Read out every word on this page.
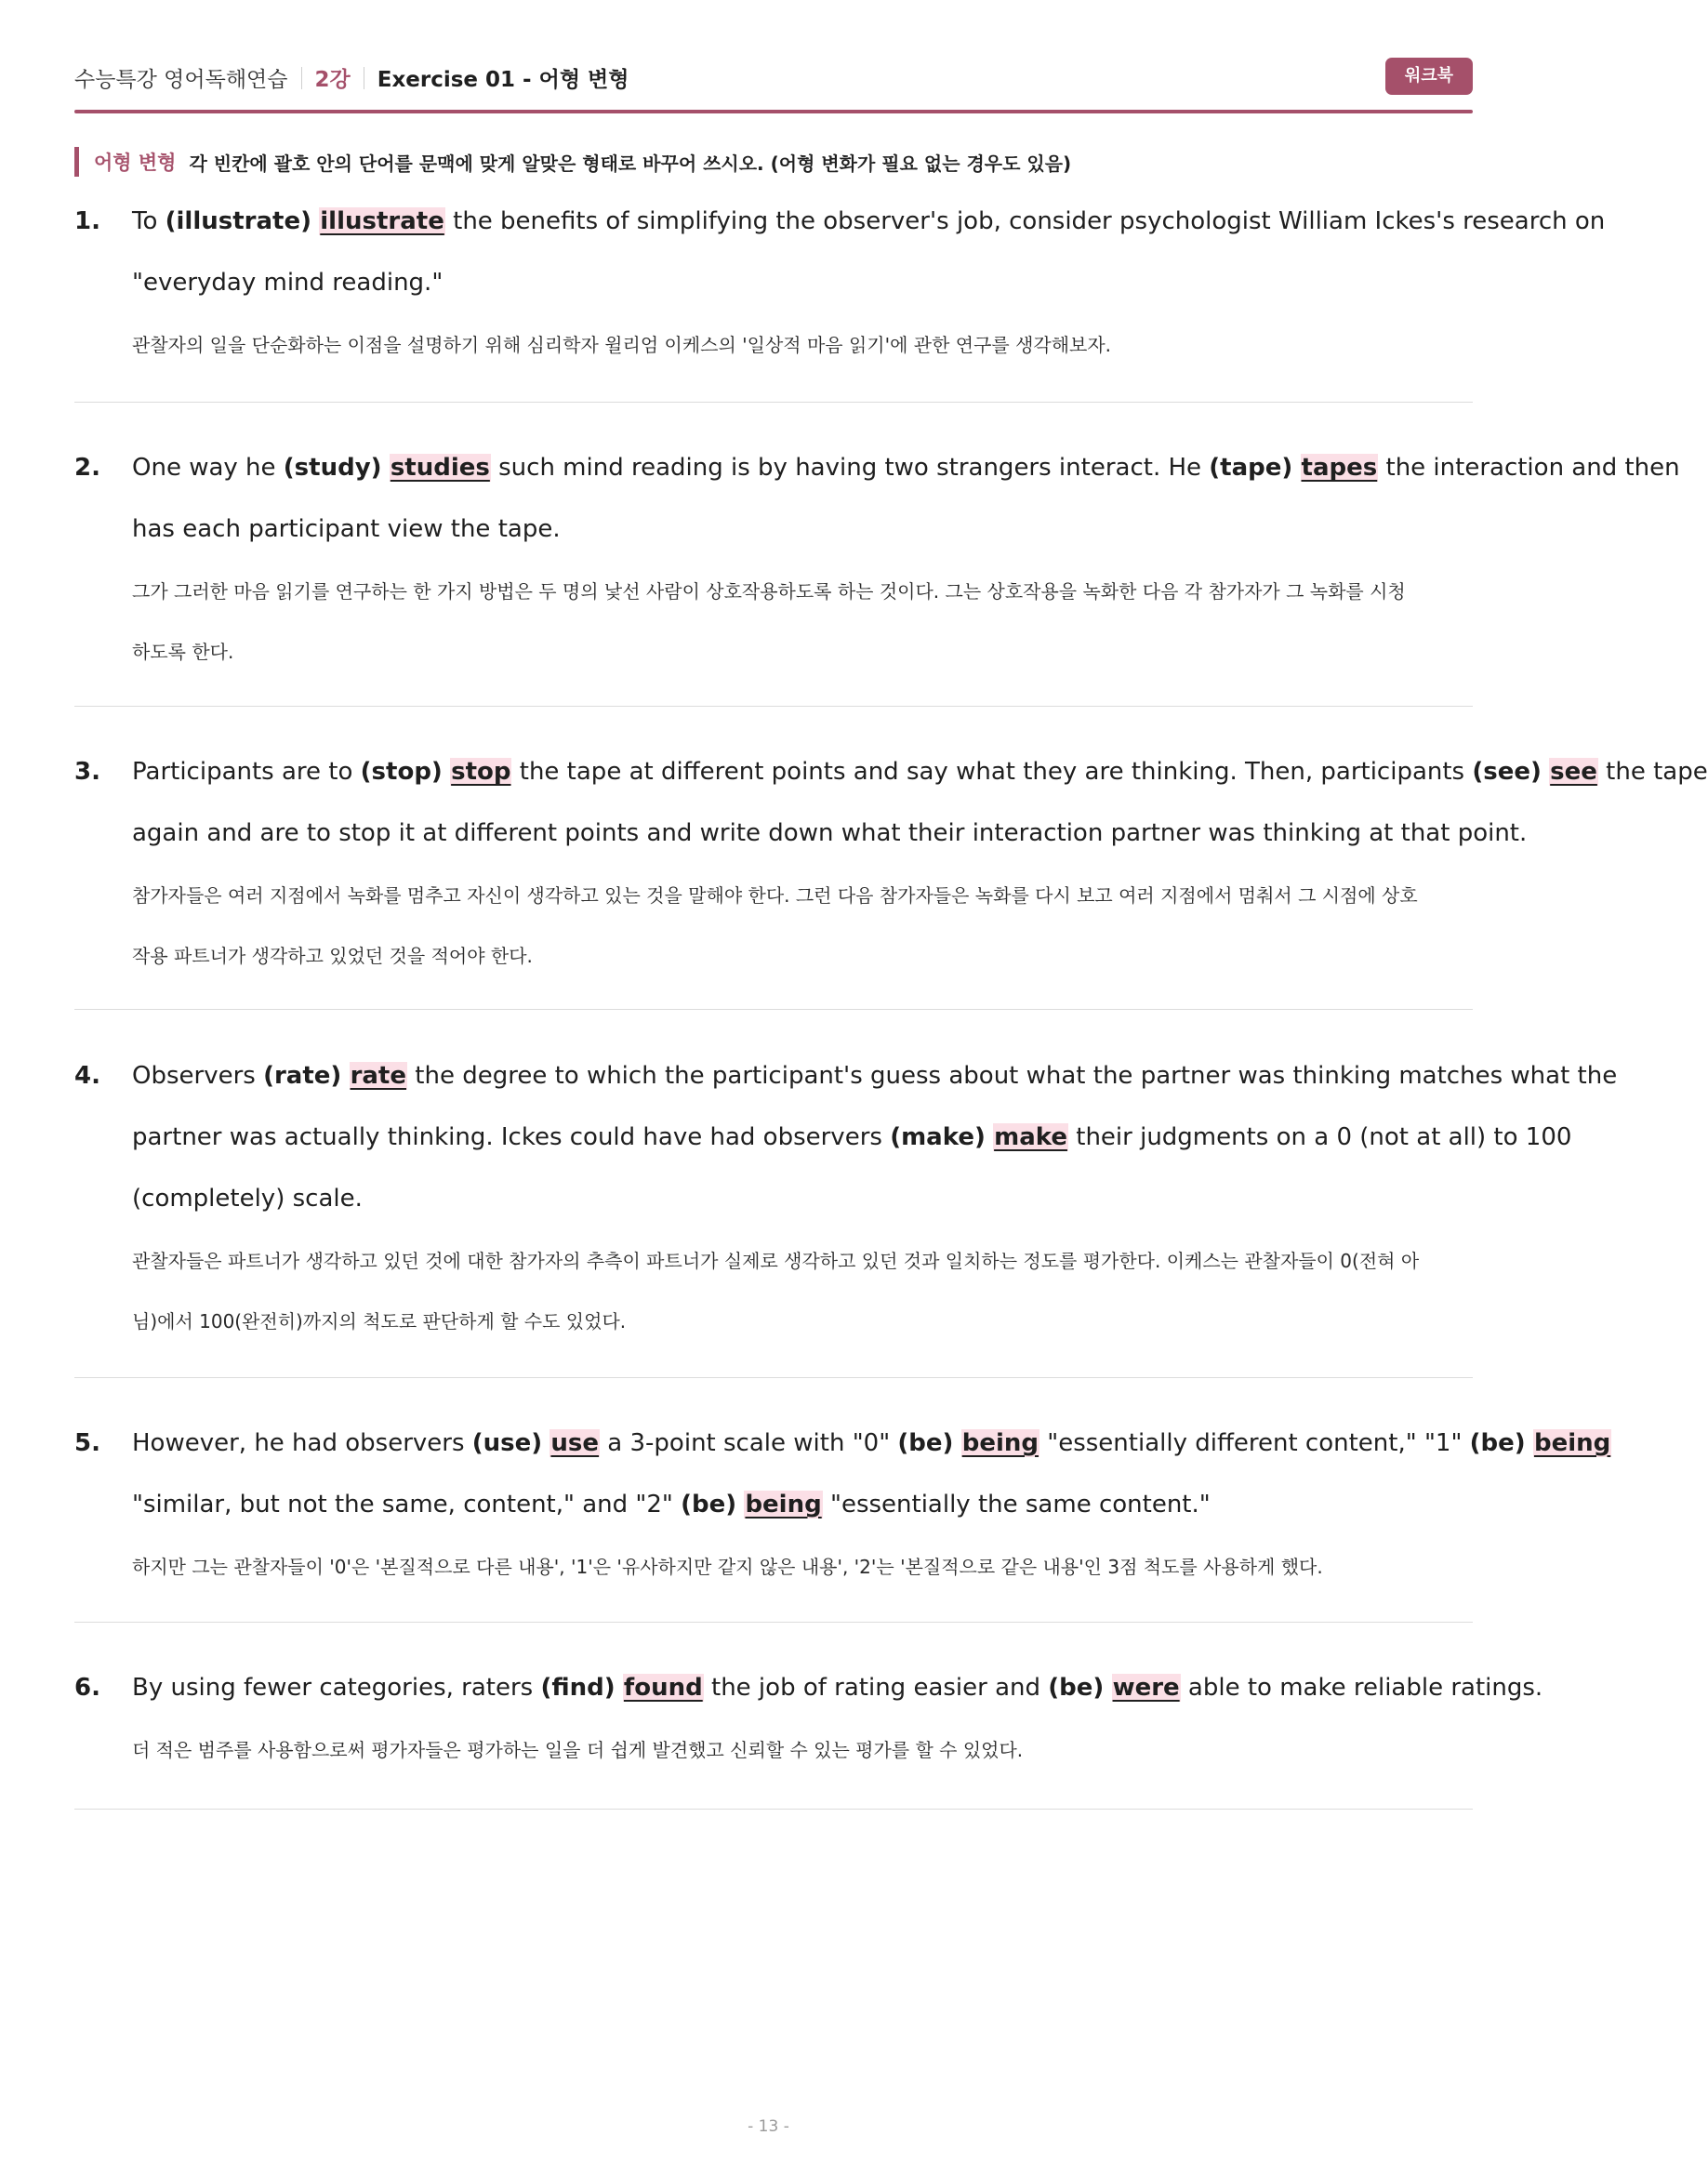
수능특강 영어독해연습 2강 Exercise 01 - 어형 변형	워크북
어형 변형 각 빈칸에 괄호 안의 단어를 문맥에 맞게 알맞은 형태로 바꾸어 쓰시오. (어형 변화가 필요 없는 경우도 있음)
1. To (illustrate) illustrate the benefits of simplifying the observer's job, consider psychologist William Ickes's research on
"everyday mind reading."
관찰자의 일을 단순화하는 이점을 설명하기 위해 심리학자 윌리엄 이케스의 '일상적 마음 읽기'에 관한 연구를 생각해보자.
2. One way he (study) studies such mind reading is by having two strangers interact. He (tape) tapes the interaction and then
has each participant view the tape.
그가 그러한 마음 읽기를 연구하는 한 가지 방법은 두 명의 낯선 사람이 상호작용하도록 하는 것이다. 그는 상호작용을 녹화한 다음 각 참가자가 그 녹화를 시청
하도록 한다.
3. Participants are to (stop) stop the tape at different points and say what they are thinking. Then, participants (see) see the tape
again and are to stop it at different points and write down what their interaction partner was thinking at that point.
참가자들은 여러 지점에서 녹화를 멈추고 자신이 생각하고 있는 것을 말해야 한다. 그런 다음 참가자들은 녹화를 다시 보고 여러 지점에서 멈춰서 그 시점에 상호
작용 파트너가 생각하고 있었던 것을 적어야 한다.
4. Observers (rate) rate the degree to which the participant's guess about what the partner was thinking matches what the
partner was actually thinking. Ickes could have had observers (make) make their judgments on a 0 (not at all) to 100
(completely) scale.
관찰자들은 파트너가 생각하고 있던 것에 대한 참가자의 추측이 파트너가 실제로 생각하고 있던 것과 일치하는 정도를 평가한다. 이케스는 관찰자들이 0(전혀 아
님)에서 100(완전히)까지의 척도로 판단하게 할 수도 있었다.
5. However, he had observers (use) use a 3-point scale with "0" (be) being "essentially different content," "1" (be) being
"similar, but not the same, content," and "2" (be) being "essentially the same content."
하지만 그는 관찰자들이 '0'은 '본질적으로 다른 내용', '1'은 '유사하지만 같지 않은 내용', '2'는 '본질적으로 같은 내용'인 3점 척도를 사용하게 했다.
6. By using fewer categories, raters (find) found the job of rating easier and (be) were able to make reliable ratings.
더 적은 범주를 사용함으로써 평가자들은 평가하는 일을 더 쉽게 발견했고 신뢰할 수 있는 평가를 할 수 있었다.
- 13 -
